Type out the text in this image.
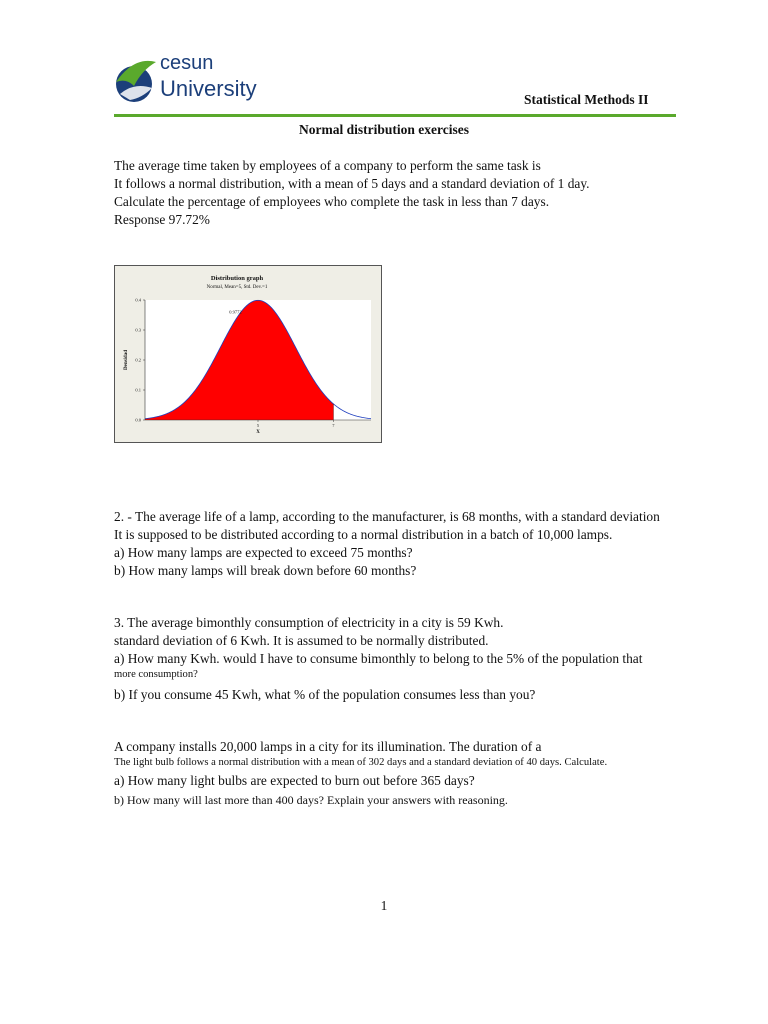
cesun
University	Statistical Methods II
Normal distribution exercises
The average time taken by employees of a company to perform the same task is
It follows a normal distribution, with a mean of 5 days and a standard deviation of 1 day.
Calculate the percentage of employees who complete the task in less than 7 days.
Response 97.72%
Distribution graph
Normal, Mean=5, Std. Dev.=1
0.0
0.1
0.2
0.3
0.4
5	7
X
Densidad
0.9772
2. - The average life of a lamp, according to the manufacturer, is 68 months, with a standard deviation
It is supposed to be distributed according to a normal distribution in a batch of 10,000 lamps.
a) How many lamps are expected to exceed 75 months?
b) How many lamps will break down before 60 months?
3. The average bimonthly consumption of electricity in a city is 59 Kwh.
standard deviation of 6 Kwh. It is assumed to be normally distributed.
a) How many Kwh. would I have to consume bimonthly to belong to the 5% of the population that
more consumption?
b) If you consume 45 Kwh, what % of the population consumes less than you?
A company installs 20,000 lamps in a city for its illumination. The duration of a
The light bulb follows a normal distribution with a mean of 302 days and a standard deviation of 40 days. Calculate.
a) How many light bulbs are expected to burn out before 365 days?
b) How many will last more than 400 days? Explain your answers with reasoning.
1
